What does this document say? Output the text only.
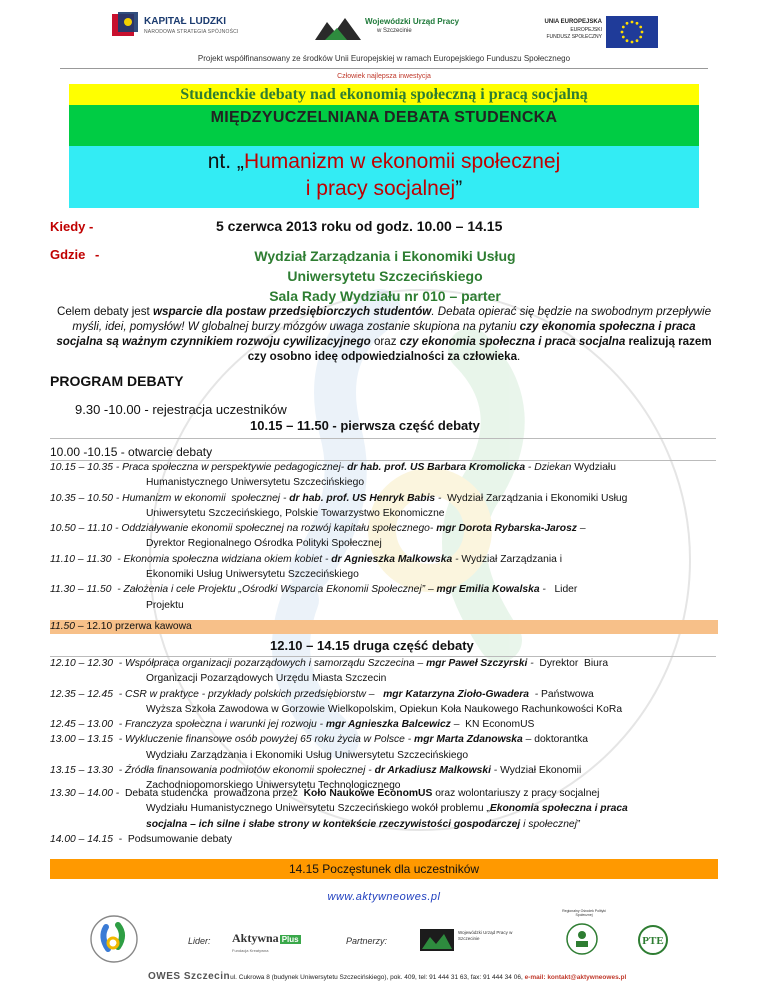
KAPITAŁ LUDZKI
NARODOWA STRATEGIA SPÓJNOŚCI
Wojewódzki Urząd Pracy
w Szczecinie
UNIA EUROPEJSKA
EUROPEJSKI
FUNDUSZ SPOŁECZNY
Projekt współfinansowany ze środków Unii Europejskiej w ramach Europejskiego Funduszu Społecznego
Człowiek najlepsza inwestycja
Studenckie debaty nad ekonomią społeczną i pracą socjalną
MIĘDZYUCZELNIANA DEBATA STUDENCKA
nt. „Humanizm w ekonomii społecznej
i pracy socjalnej”
Kiedy -	5 czerwca 2013 roku od godz. 10.00 – 14.15
Gdzie -	Wydział Zarządzania i Ekonomiki Usług
Uniwersytetu Szczecińskiego
Sala Rady Wydziału nr 010 – parter
Celem debaty jest wsparcie dla postaw przedsiębiorczych studentów. Debata opierać się będzie na swobodnym przepływie myśli, idei, pomysłów! W globalnej burzy mózgów uwaga zostanie skupiona na pytaniu czy ekonomia społeczna i praca socjalna są ważnym czynnikiem rozwoju cywilizacyjnego oraz czy ekonomia społeczna i praca socjalna realizują razem czy osobno ideę odpowiedzialności za człowieka.
PROGRAM DEBATY
9.30 -10.00 - rejestracja uczestników
10.15 – 11.50 - pierwsza część debaty
10.00 -10.15 - otwarcie debaty
10.15 – 10.35 - Praca społeczna w perspektywie pedagogicznej- dr hab. prof. US Barbara Kromolicka - Dziekan Wydziału
Humanistycznego Uniwersytetu Szczecińskiego
10.35 – 10.50 - Humanizm w ekonomii  społecznej - dr hab. prof. US Henryk Babis -  Wydział Zarządzania i Ekonomiki Usług
Uniwersytetu Szczecińskiego, Polskie Towarzystwo Ekonomiczne
10.50 – 11.10 - Oddziaływanie ekonomii społecznej na rozwój kapitału społecznego- mgr Dorota Rybarska-Jarosz –
Dyrektor Regionalnego Ośrodka Polityki Społecznej
11.10 – 11.30 - Ekonomia społeczna widziana okiem kobiet - dr Agnieszka Malkowska - Wydział Zarządzania i
Ekonomiki Usług Uniwersytetu Szczecińskiego
11.30 – 11.50 - Założenia i cele Projektu „Ośrodki Wsparcia Ekonomii Społecznej” – mgr Emilia Kowalska -   Lider
Projektu
11.50 – 12.10 przerwa kawowa
12.10 – 14.15 druga część debaty
12.10 – 12.30 - Współpraca organizacji pozarządowych i samorządu Szczecina – mgr Paweł Szczyrski -  Dyrektor  Biura
Organizacji Pozarządowych Urzędu Miasta Szczecin
12.35 – 12.45 - CSR w praktyce - przykłady polskich przedsiębiorstw –   mgr Katarzyna Zioło-Gwadera  - Państwowa
Wyższa Szkoła Zawodowa w Gorzowie Wielkopolskim, Opiekun Koła Naukowego Rachunkowości KoRa
12.45 – 13.00 - Franczyza społeczna i warunki jej rozwoju - mgr Agnieszka Balcewicz –  KN EconomUS
13.00 – 13.15 - Wykluczenie finansowe osób powyżej 65 roku życia w Polsce - mgr Marta Zdanowska – doktorantka
Wydziału Zarządzania i Ekonomiki Usług Uniwersytetu Szczecińskiego
13.15 – 13.30 - Źródła finansowania podmiotów ekonomii społecznej - dr Arkadiusz Malkowski - Wydział Ekonomii
Zachodniopomorskiego Uniwersytetu Technologicznego
13.30 – 14.00 -  Debata studencka  prowadzona przez Koło Naukowe EconomUS oraz wolontariuszy z pracy socjalnej
Wydziału Humanistycznego Uniwersytetu Szczecińskiego wokół problemu „Ekonomia społeczna i praca
socjalna – ich silne i słabe strony w kontekście rzeczywistości gospodarczej i społecznej”
14.00 – 14.15 -  Podsumowanie debaty
14.15 Poczęstunek dla uczestników
www.aktywneowes.pl
Lider: Aktywna Plus
Fundacja Kreatywna
Partnerzy:
Wojewódzki Urząd Pracy w Szczecinie
Regionalny Ośrodek Polityki Społecznej
PTE
OWES Szczecinul. Cukrowa 8 (budynek Uniwersytetu Szczecińskiego), pok. 409, tel: 91 444 31 63, fax: 91 444 34 06, e-mail: kontakt@aktywneowes.pl
